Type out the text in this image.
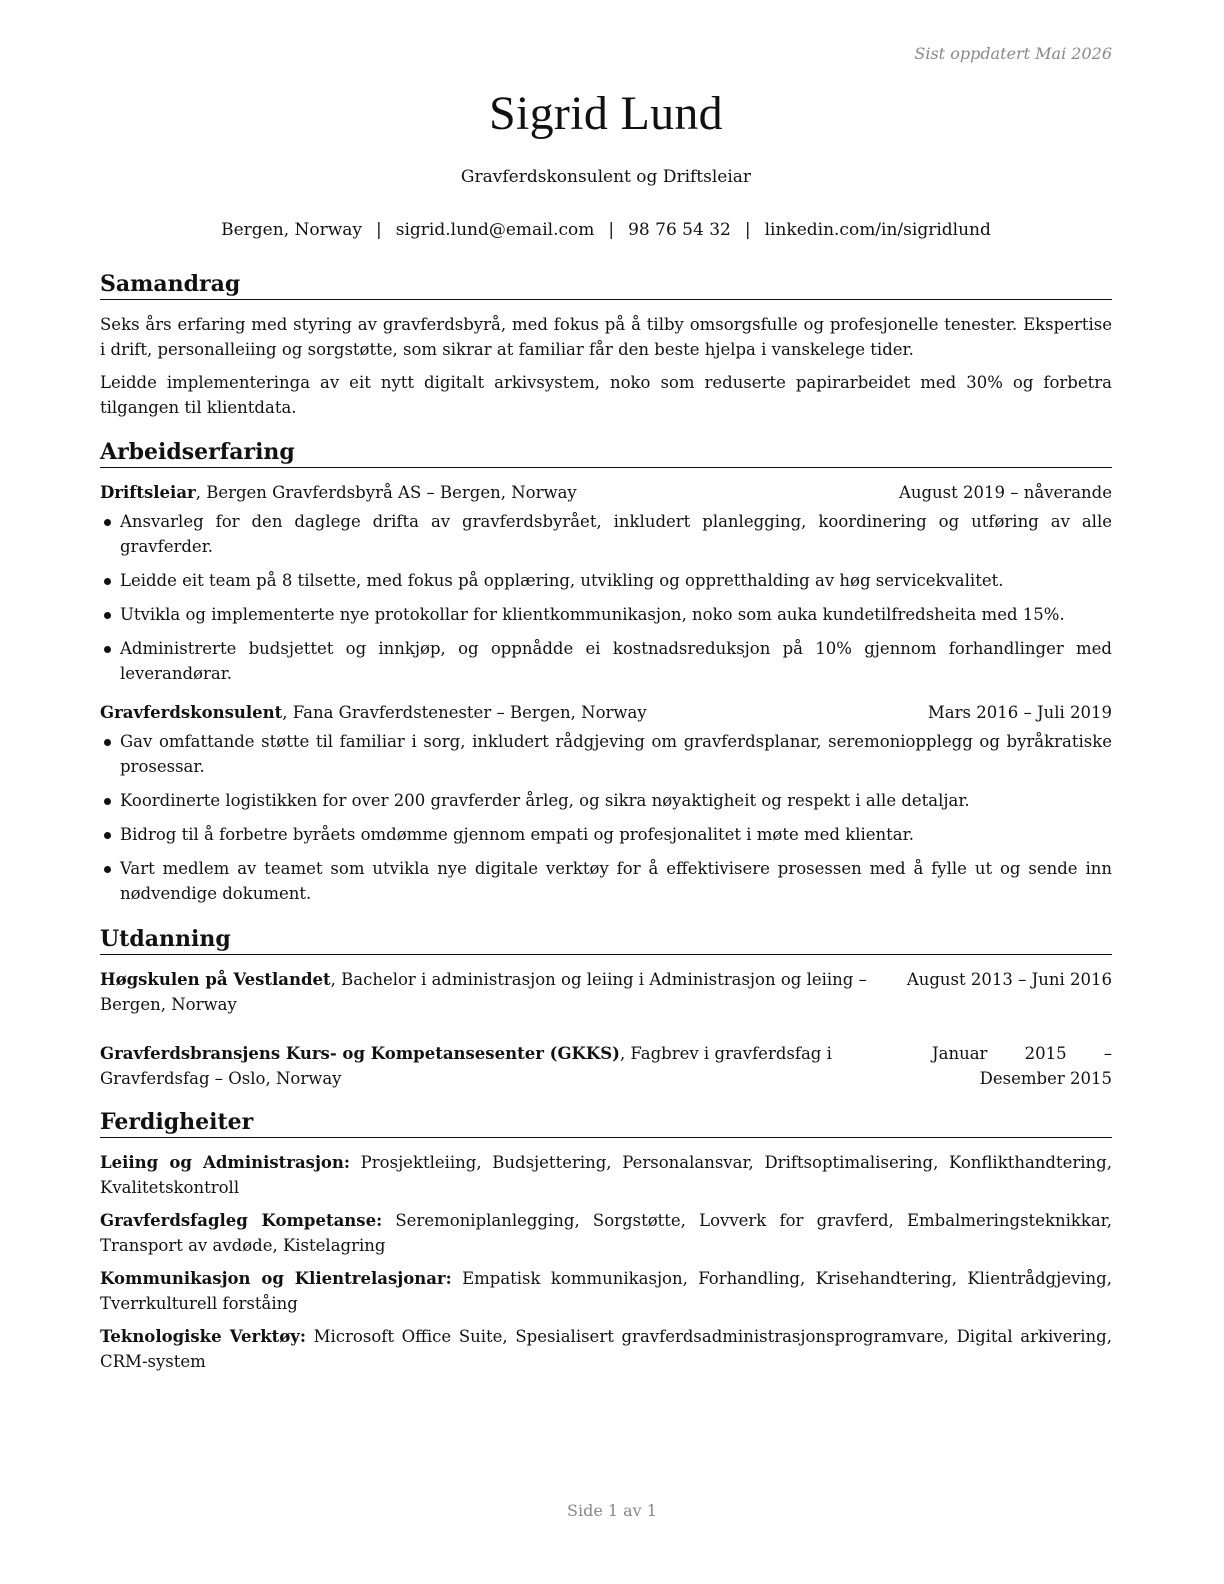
Sist oppdatert Mai 2026
Sigrid Lund
Gravferdskonsulent og Driftsleiar
Bergen, Norway | sigrid.lund@email.com | 98 76 54 32 | linkedin.com/in/sigridlund
Samandrag

Seks års erfaring med styring av gravferdsbyrå, med fokus på å tilby omsorgsfulle og profesjonelle tenester. Ekspertise i drift, personalleiing og sorgstøtte, som sikrar at familiar får den beste hjelpa i vanskelege tider.

Leidde implementeringa av eit nytt digitalt arkivsystem, noko som reduserte papirarbeidet med 30% og forbetra tilgangen til klientdata.

Arbeidserfaring
Driftsleiar, Bergen Gravferdsbyrå AS – Bergen, Norway	August 2019 – nåverande
Ansvarleg for den daglege drifta av gravferdsbyrået, inkludert planlegging, koordinering og utføring av alle gravferder.
Leidde eit team på 8 tilsette, med fokus på opplæring, utvikling og oppretthalding av høg servicekvalitet.
Utvikla og implementerte nye protokollar for klientkommunikasjon, noko som auka kundetilfredsheita med 15%.
Administrerte budsjettet og innkjøp, og oppnådde ei kostnadsreduksjon på 10% gjennom forhandlinger med leverandørar.
Gravferdskonsulent, Fana Gravferdstenester – Bergen, Norway	Mars 2016 – Juli 2019
Gav omfattande støtte til familiar i sorg, inkludert rådgjeving om gravferdsplanar, seremoniopplegg og byråkratiske prosessar.
Koordinerte logistikken for over 200 gravferder årleg, og sikra nøyaktigheit og respekt i alle detaljar.
Bidrog til å forbetre byråets omdømme gjennom empati og profesjonalitet i møte med klientar.
Vart medlem av teamet som utvikla nye digitale verktøy for å effektivisere prosessen med å fylle ut og sende inn nødvendige dokument.
Utdanning
Høgskulen på Vestlandet, Bachelor i administrasjon og leiing i Administrasjon og leiing – Bergen, Norway
August 2013 – Juni 2016
Gravferdsbransjens Kurs- og Kompetansesenter (GKKS), Fagbrev i gravferdsfag i Gravferdsfag – Oslo, Norway
Januar 2015 – Desember 2015
Ferdigheiter
Leiing og Administrasjon: Prosjektleiing, Budsjettering, Personalansvar, Driftsoptimalisering, Konflikthandtering, Kvalitetskontroll
Gravferdsfagleg Kompetanse: Seremoniplanlegging, Sorgstøtte, Lovverk for gravferd, Embalmeringsteknikkar, Transport av avdøde, Kistelagring
Kommunikasjon og Klientrelasjonar: Empatisk kommunikasjon, Forhandling, Krisehandtering, Klientrådgjeving, Tverrkulturell forståing
Teknologiske Verktøy: Microsoft Office Suite, Spesialisert gravferdsadministrasjonsprogramvare, Digital arkivering, CRM-system
Side 1 av 1
